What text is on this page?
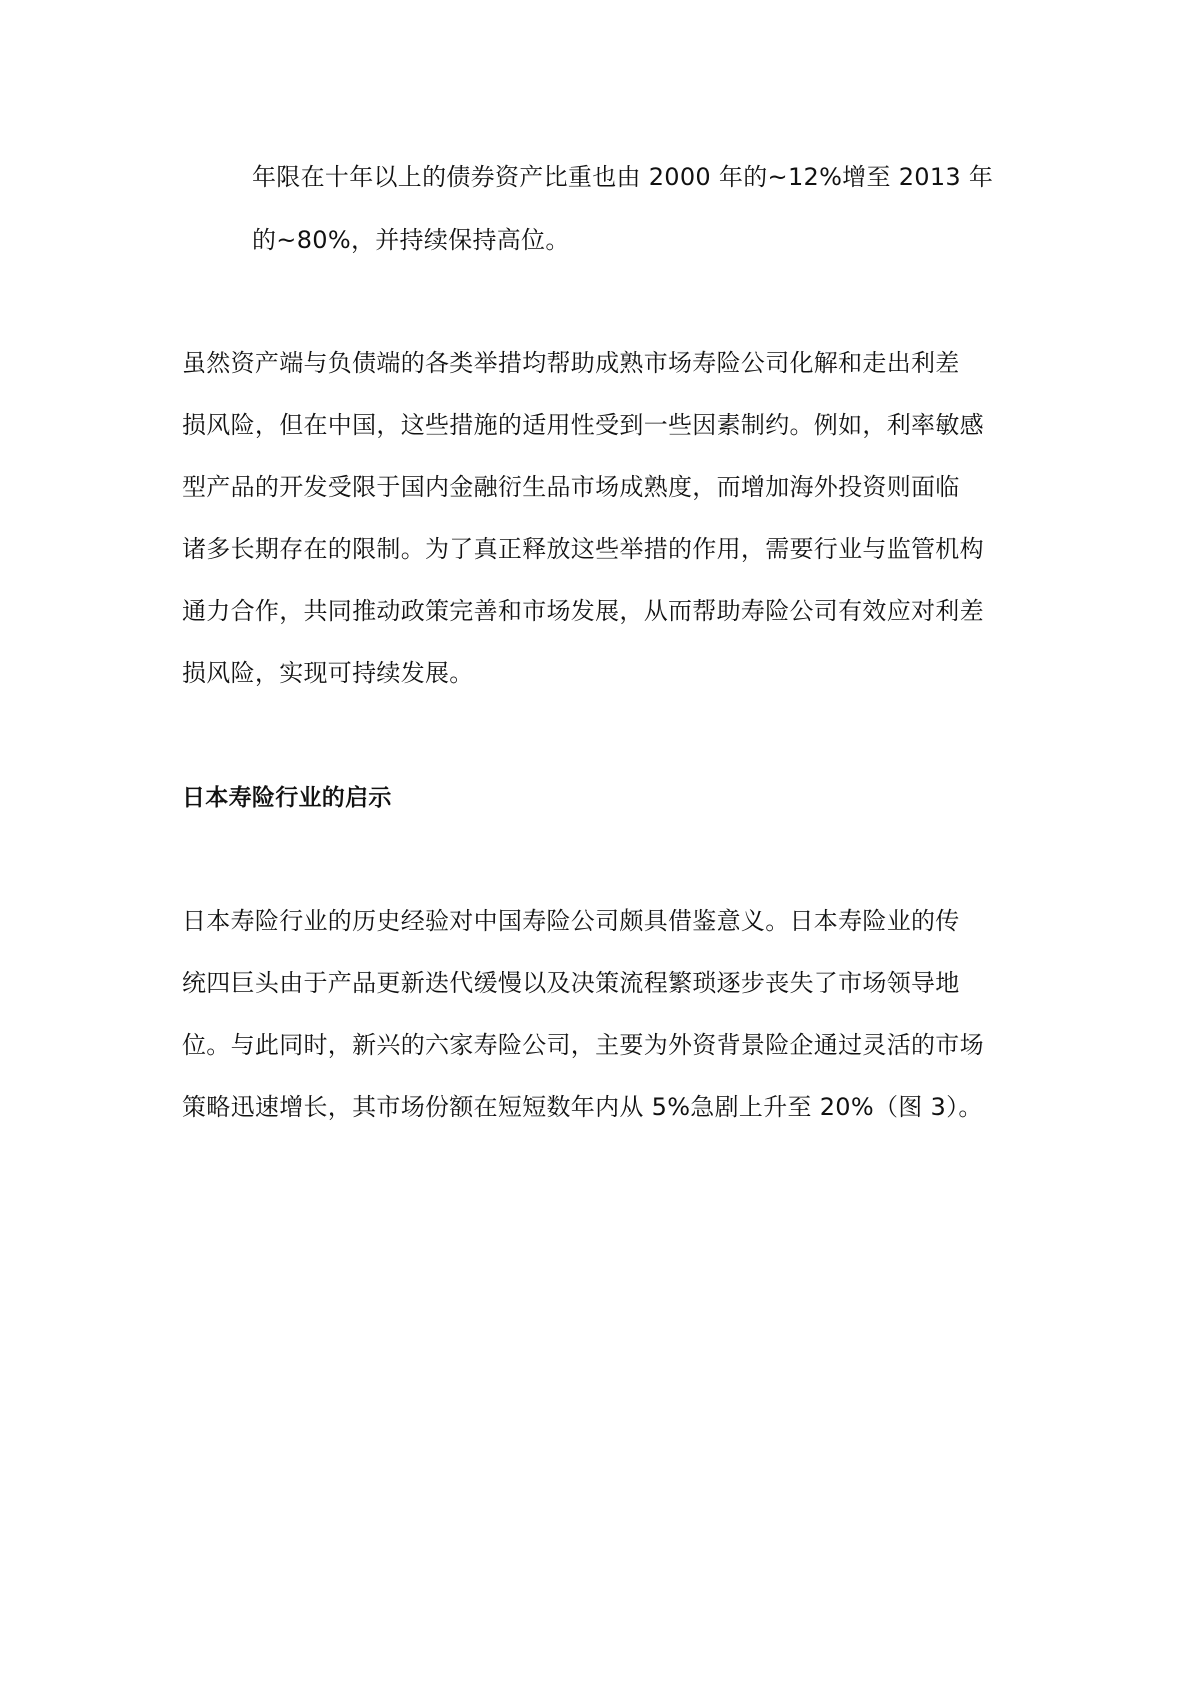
年限在十年以上的债券资产比重也由 2000 年的~12%增至 2013 年
的~80%，并持续保持高位。
虽然资产端与负债端的各类举措均帮助成熟市场寿险公司化解和走出利差
损风险，但在中国，这些措施的适用性受到一些因素制约。例如，利率敏感
型产品的开发受限于国内金融衍生品市场成熟度，而增加海外投资则面临
诸多长期存在的限制。为了真正释放这些举措的作用，需要行业与监管机构
通力合作，共同推动政策完善和市场发展，从而帮助寿险公司有效应对利差
损风险，实现可持续发展。
日本寿险行业的启示
日本寿险行业的历史经验对中国寿险公司颇具借鉴意义。日本寿险业的传
统四巨头由于产品更新迭代缓慢以及决策流程繁琐逐步丧失了市场领导地
位。与此同时，新兴的六家寿险公司，主要为外资背景险企通过灵活的市场
策略迅速增长，其市场份额在短短数年内从 5%急剧上升至 20%（图 3）。
